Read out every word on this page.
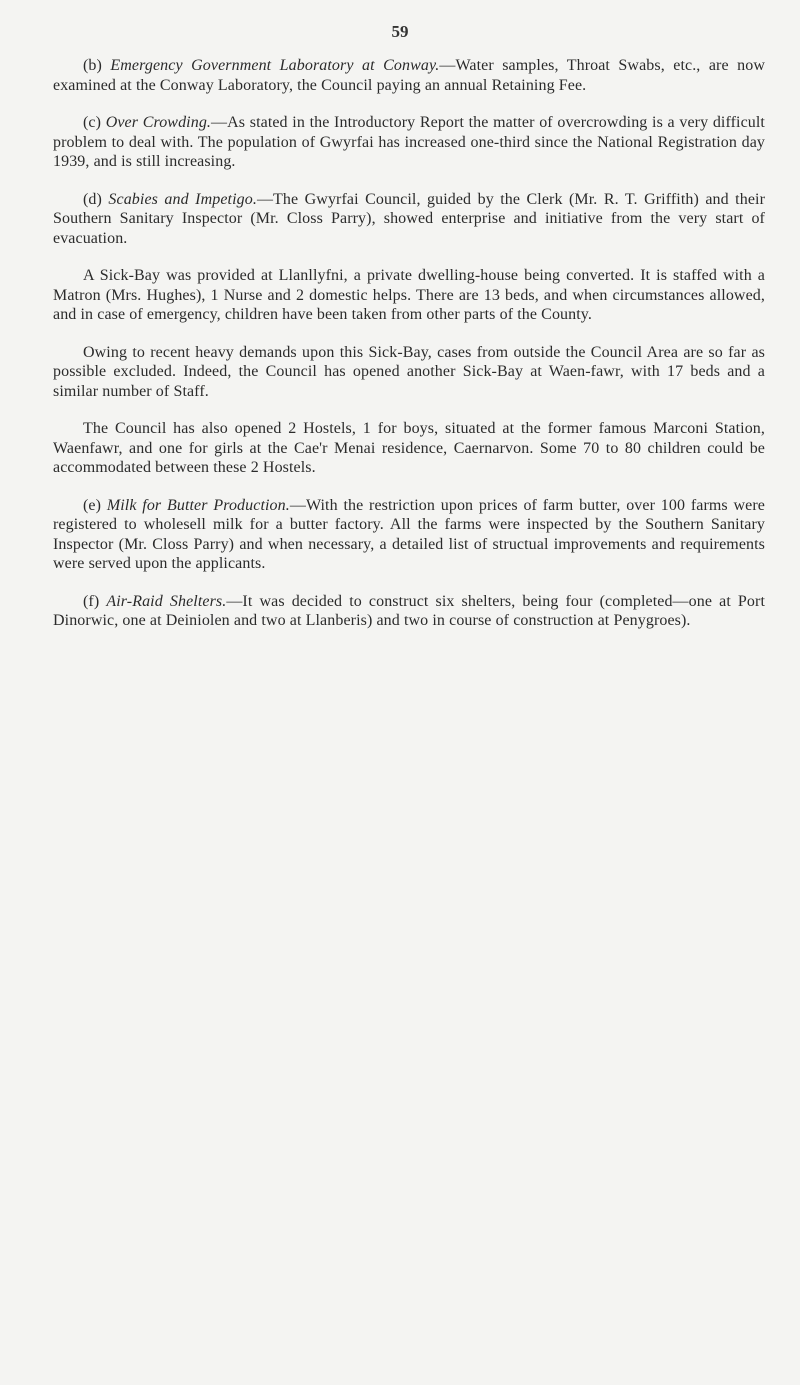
59

(b) Emergency Government Laboratory at Conway.—Water samples, Throat Swabs, etc., are now examined at the Conway Laboratory, the Council paying an annual Retaining Fee.

(c) Over Crowding.—As stated in the Introductory Report the matter of overcrowding is a very difficult problem to deal with. The population of Gwyrfai has increased one-third since the National Registration day 1939, and is still increasing.

(d) Scabies and Impetigo.—The Gwyrfai Council, guided by the Clerk (Mr. R. T. Griffith) and their Southern Sanitary Inspector (Mr. Closs Parry), showed enterprise and initiative from the very start of evacuation.

A Sick-Bay was provided at Llanllyfni, a private dwelling-house being converted. It is staffed with a Matron (Mrs. Hughes), 1 Nurse and 2 domestic helps. There are 13 beds, and when circumstances allowed, and in case of emergency, children have been taken from other parts of the County.

Owing to recent heavy demands upon this Sick-Bay, cases from outside the Council Area are so far as possible excluded. Indeed, the Council has opened another Sick-Bay at Waen-fawr, with 17 beds and a similar number of Staff.

The Council has also opened 2 Hostels, 1 for boys, situated at the former famous Marconi Station, Waenfawr, and one for girls at the Cae'r Menai residence, Caernarvon. Some 70 to 80 children could be accommodated between these 2 Hostels.

(e) Milk for Butter Production.—With the restriction upon prices of farm butter, over 100 farms were registered to wholesell milk for a butter factory. All the farms were inspected by the Southern Sanitary Inspector (Mr. Closs Parry) and when necessary, a detailed list of structual improvements and requirements were served upon the applicants.

(f) Air-Raid Shelters.—It was decided to construct six shelters, being four (completed—one at Port Dinorwic, one at Deiniolen and two at Llanberis) and two in course of construction at Penygroes).
